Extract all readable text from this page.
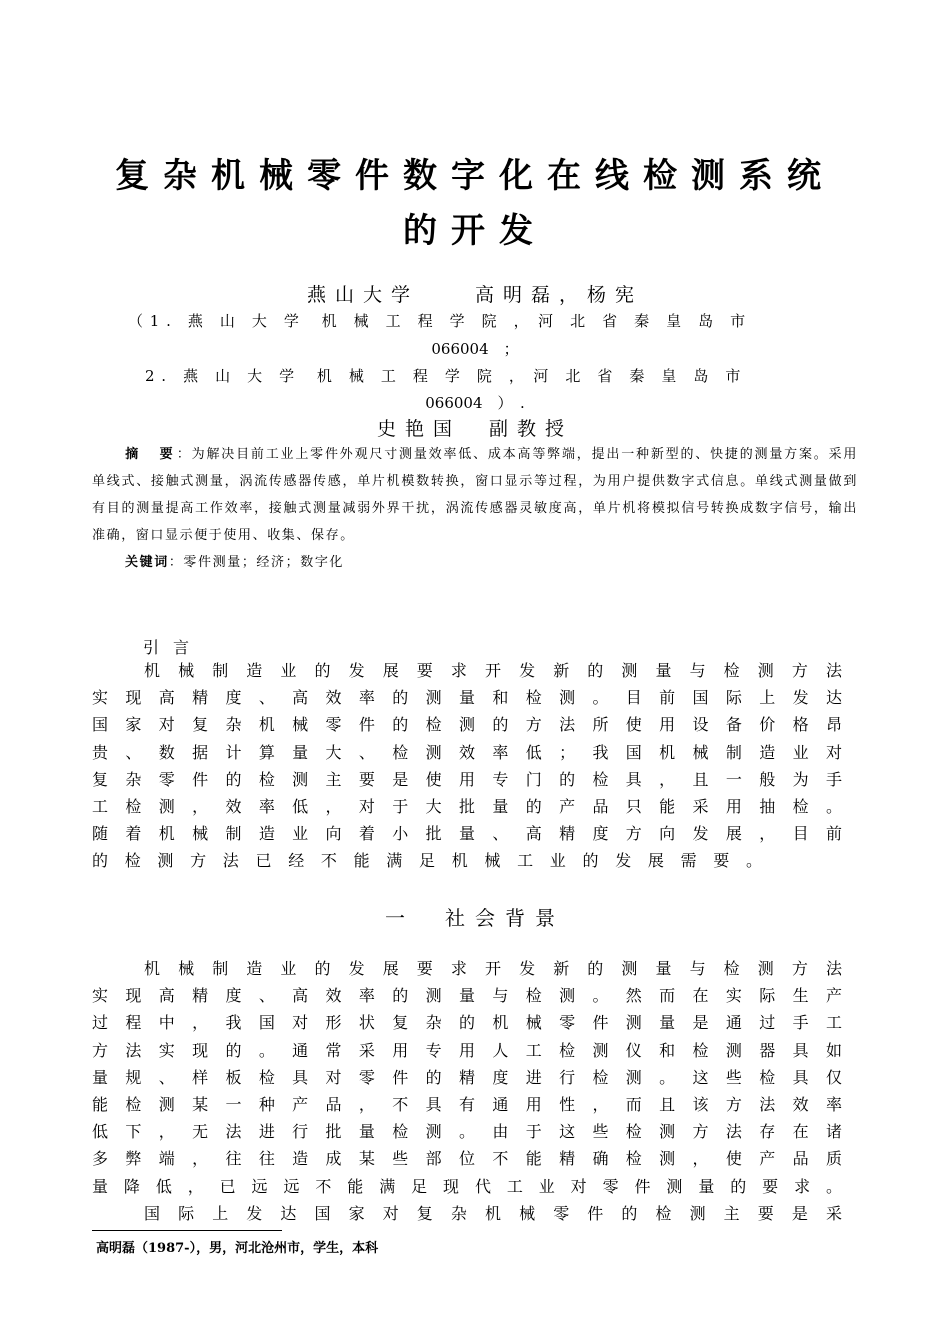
复杂机械零件数字化在线检测系统
的开发
燕山大学　　高明磊，杨宪
（ 1 .　燕　山　大　学　 机　械　工　程　学　院　，　河　北　省　秦　皇　岛　市
066004　；
2 .　燕　山　大　学　 机　械　工　程　学　院　，　河　北　省　秦　皇　岛　市
066004　）　.
史艳国　副教授
摘　要：为解决目前工业上零件外观尺寸测量效率低、成本高等弊端，提出一种新型的、快捷的测量方案。采用单线式、接触式测量，涡流传感器传感，单片机模数转换，窗口显示等过程，为用户提供数字式信息。单线式测量做到有目的测量提高工作效率，接触式测量减弱外界干扰，涡流传感器灵敏度高，单片机将模拟信号转换成数字信号，输出准确，窗口显示便于使用、收集、保存。
关键词：零件测量；经济；数字化
引言
机械制造业的发展要求开发新的测量与检测方法
实现高精度、高效率的测量和检测。目前国际上发达
国家对复杂机械零件的检测的方法所使用设备价格昂
贵、数据计算量大、检测效率低；我国机械制造业对
复杂零件的检测主要是使用专门的检具，且一般为手
工检测，效率低，对于大批量的产品只能采用抽检。
随着机械制造业向着小批量、高精度方向发展，目前
的检测方法已经不能满足机械工业的发展需要。
一　社会背景
机械制造业的发展要求开发新的测量与检测方法
实现高精度、高效率的测量与检测。然而在实际生产
过程中，我国对形状复杂的机械零件测量是通过手工
方法实现的。通常采用专用人工检测仪和检测器具如
量规、样板检具对零件的精度进行检测。这些检具仅
能检测某一种产品，不具有通用性，而且该方法效率
低下，无法进行批量检测。由于这些检测方法存在诸
多弊端，往往造成某些部位不能精确检测，使产品质
量降低，已远远不能满足现代工业对零件测量的要求。
国际上发达国家对复杂机械零件的检测主要是采
高明磊（1987-），男，河北沧州市，学生，本科
